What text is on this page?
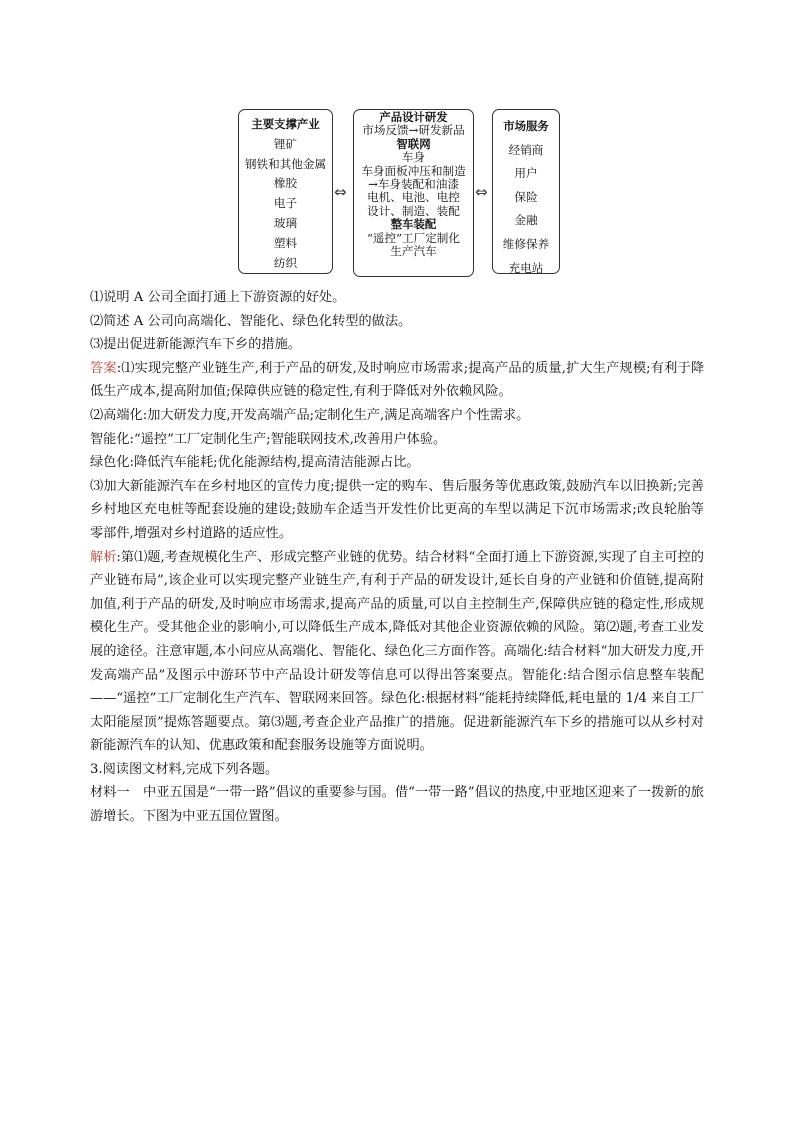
主要支撑产业
锂矿
钢铁和其他金属
橡胶
电子
玻璃
塑料
纺织
⇔
产品设计研发
市场反馈→研发新品
智联网
车身
车身面板冲压和制造
→车身装配和油漆
电机、电池、电控
设计、制造、装配
整车装配
“遥控”工厂定制化
生产汽车
⇔
市场服务
经销商
用户
保险
金融
维修保养
充电站

⑴说明 A 公司全面打通上下游资源的好处。

⑵简述 A 公司向高端化、智能化、绿色化转型的做法。

⑶提出促进新能源汽车下乡的措施。

答案:⑴实现完整产业链生产,利于产品的研发,及时响应市场需求;提高产品的质量,扩大生产规模;有利于降低生产成本,提高附加值;保障供应链的稳定性,有利于降低对外依赖风险。

⑵高端化:加大研发力度,开发高端产品;定制化生产,满足高端客户个性需求。

智能化:“遥控”工厂定制化生产;智能联网技术,改善用户体验。

绿色化:降低汽车能耗;优化能源结构,提高清洁能源占比。

⑶加大新能源汽车在乡村地区的宣传力度;提供一定的购车、售后服务等优惠政策,鼓励汽车以旧换新;完善乡村地区充电桩等配套设施的建设;鼓励车企适当开发性价比更高的车型以满足下沉市场需求;改良轮胎等零部件,增强对乡村道路的适应性。

解析:第⑴题,考查规模化生产、形成完整产业链的优势。结合材料“全面打通上下游资源,实现了自主可控的产业链布局”,该企业可以实现完整产业链生产,有利于产品的研发设计,延长自身的产业链和价值链,提高附加值,利于产品的研发,及时响应市场需求,提高产品的质量,可以自主控制生产,保障供应链的稳定性,形成规模化生产。受其他企业的影响小,可以降低生产成本,降低对其他企业资源依赖的风险。第⑵题,考查工业发展的途径。注意审题,本小问应从高端化、智能化、绿色化三方面作答。高端化:结合材料“加大研发力度,开发高端产品”及图示中游环节中产品设计研发等信息可以得出答案要点。智能化:结合图示信息整车装配——“遥控”工厂定制化生产汽车、智联网来回答。绿色化:根据材料“能耗持续降低,耗电量的 1/4 来自工厂太阳能屋顶”提炼答题要点。第⑶题,考查企业产品推广的措施。促进新能源汽车下乡的措施可以从乡村对新能源汽车的认知、优惠政策和配套服务设施等方面说明。

3.阅读图文材料,完成下列各题。

材料一　中亚五国是“一带一路”倡议的重要参与国。借“一带一路”倡议的热度,中亚地区迎来了一拨新的旅游增长。下图为中亚五国位置图。
